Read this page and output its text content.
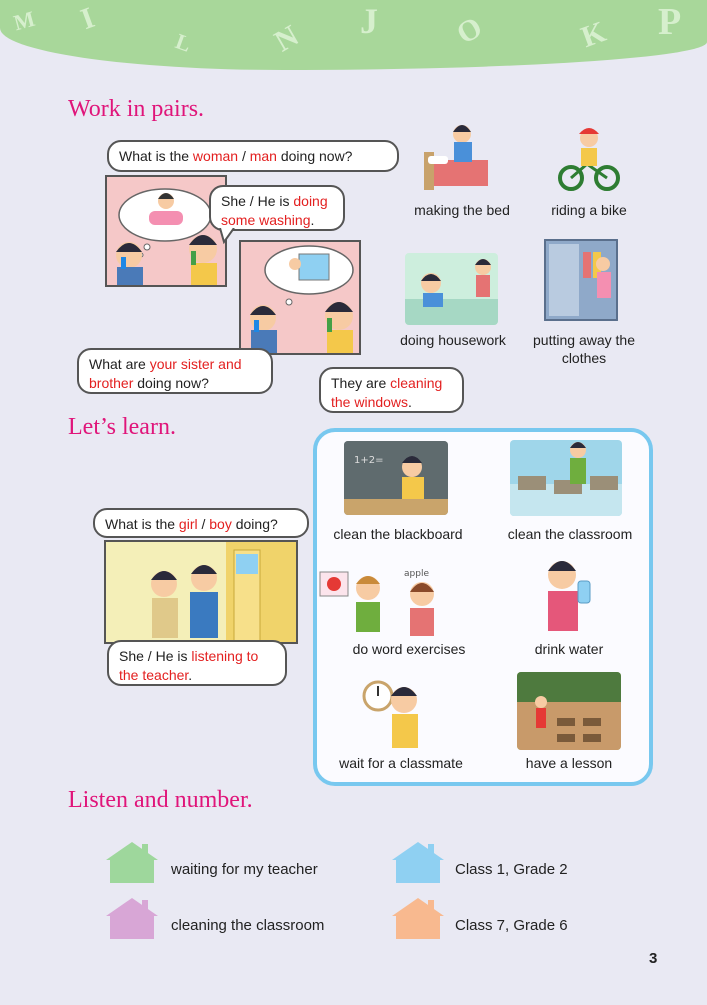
M I
L N J O	K P
Work in pairs.
What is the woman / man doing now?
She / He is doing some washing.
What are your sister and brother doing now?	They are cleaning the windows.
making the bed	riding a bike
doing housework	putting away the clothes
Let’s learn.
What is the girl / boy doing?
She / He is listening to the teacher.
1+2=
clean the blackboard	clean the classroom
apple
do word exercises	drink water
wait for a classmate	have a lesson
Listen and number.
waiting for my teacher	Class 1, Grade 2
cleaning the classroom	Class 7, Grade 6
3
